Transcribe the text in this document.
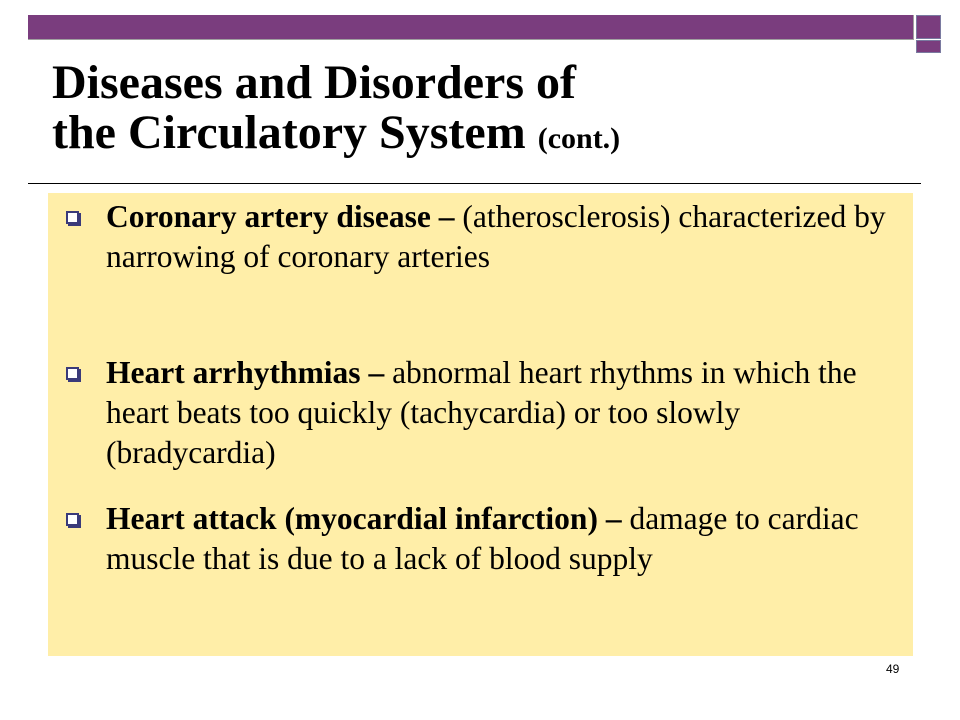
Diseases and Disorders of
the Circulatory System (cont.)
Coronary artery disease – (atherosclerosis) characterized by narrowing of coronary arteries
Heart arrhythmias – abnormal heart rhythms in which the heart beats too quickly (tachycardia) or too slowly (bradycardia)
Heart attack (myocardial infarction) – damage to cardiac muscle that is due to a lack of blood supply
49
